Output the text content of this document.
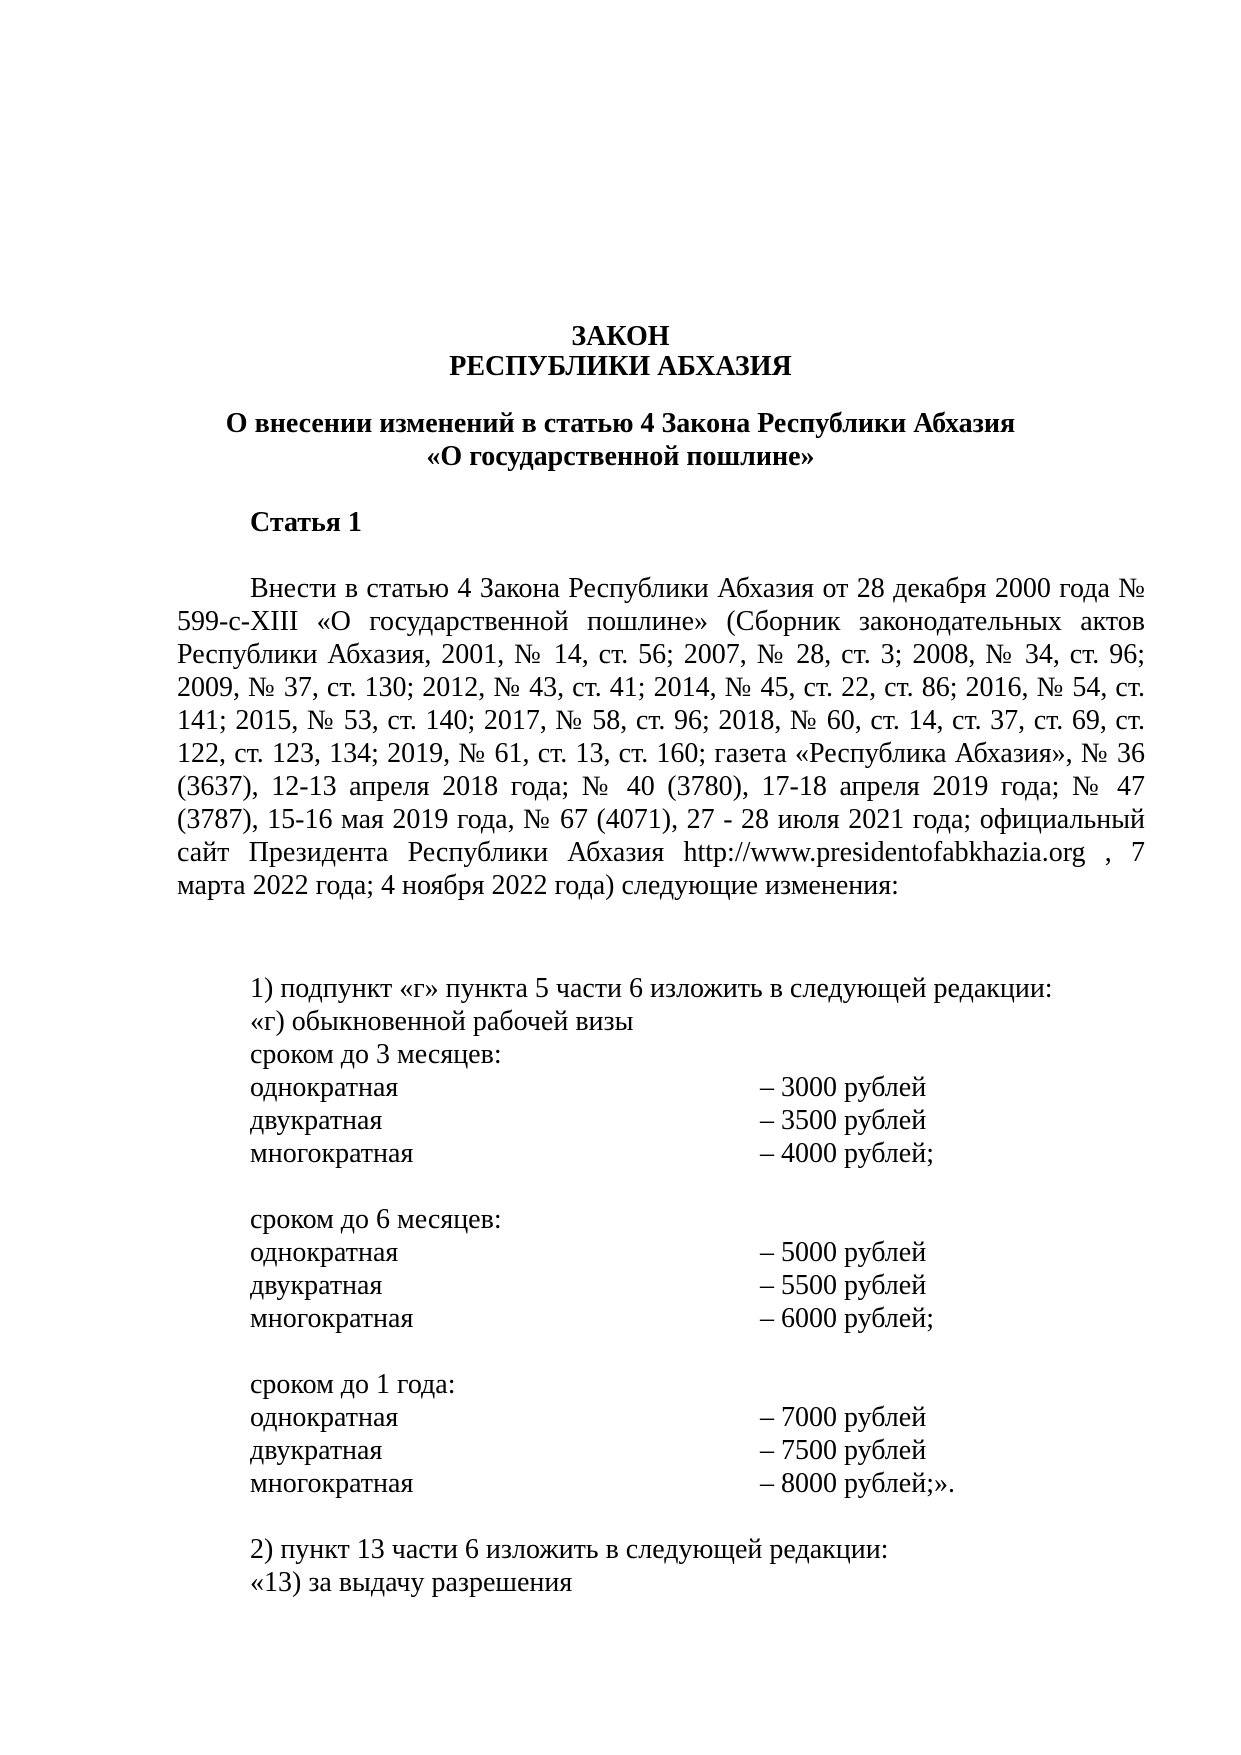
ЗАКОН
РЕСПУБЛИКИ АБХАЗИЯ
О внесении изменений в статью 4 Закона Республики Абхазия
«О государственной пошлине»
Статья 1

Внести в статью 4 Закона Республики Абхазия от 28 декабря 2000 года № 599-с-XIII «О государственной пошлине» (Сборник законодательных актов Республики Абхазия, 2001, № 14, ст. 56; 2007, № 28, ст. 3; 2008, № 34, ст. 96; 2009, № 37, ст. 130; 2012, № 43, ст. 41; 2014, № 45, ст. 22, ст. 86; 2016, № 54, ст. 141; 2015, № 53, ст. 140; 2017, № 58, ст. 96; 2018, № 60, ст. 14, ст. 37, ст. 69, ст. 122, ст. 123, 134; 2019, № 61, ст. 13, ст. 160; газета «Республика Абхазия», № 36 (3637), 12-13 апреля 2018 года; № 40 (3780), 17-18 апреля 2019 года; № 47 (3787), 15-16 мая 2019 года, № 67 (4071), 27 - 28 июля 2021 года; официальный сайт Президента Республики Абхазия http://www.presidentofabkhazia.org , 7 марта 2022 года; 4 ноября 2022 года) следующие изменения:

1) подпункт «г» пункта 5 части 6 изложить в следующей редакции:
«г) обыкновенной рабочей визы
сроком до 3 месяцев:
однократная	– 3000 рублей
двукратная	– 3500 рублей
многократная	– 4000 рублей;
сроком до 6 месяцев:
однократная	– 5000 рублей
двукратная	– 5500 рублей
многократная	– 6000 рублей;
сроком до 1 года:
однократная	– 7000 рублей
двукратная	– 7500 рублей
многократная	– 8000 рублей;».
2) пункт 13 части 6 изложить в следующей редакции:
«13) за выдачу разрешения
